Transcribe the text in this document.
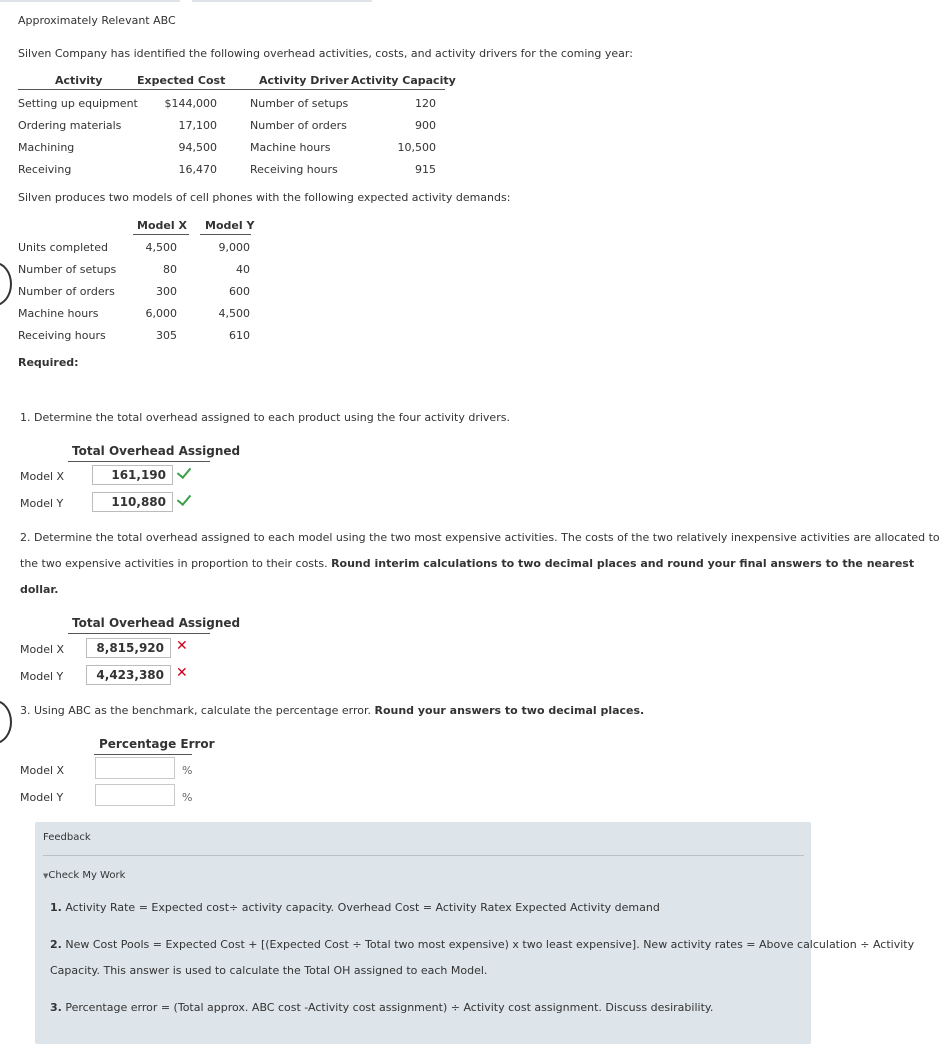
Approximately Relevant ABC
Silven Company has identified the following overhead activities, costs, and activity drivers for the coming year:
Activity	Expected Cost	Activity Driver Activity Capacity
Setting up equipment	$144,000	Number of setups	120
Ordering materials	17,100	Number of orders	900
Machining	94,500	Machine hours	10,500
Receiving	16,470	Receiving hours	915
Silven produces two models of cell phones with the following expected activity demands:
Model X Model Y
Units completed	4,500	9,000
Number of setups	80	40
Number of orders	300	600
Machine hours	6,000	4,500
Receiving hours	305	610
Required:
1. Determine the total overhead assigned to each product using the four activity drivers.
Total Overhead Assigned
Model X	161,190
Model Y	110,880
2. Determine the total overhead assigned to each model using the two most expensive activities. The costs of the two relatively inexpensive activities are allocated to
the two expensive activities in proportion to their costs. Round interim calculations to two decimal places and round your final answers to the nearest
dollar.
Total Overhead Assigned
Model X	8,815,920 ✕
Model Y	4,423,380 ✕
3. Using ABC as the benchmark, calculate the percentage error. Round your answers to two decimal places.
Percentage Error
Model X	%
Model Y	%
Feedback
▼Check My Work
1. Activity Rate = Expected cost÷ activity capacity. Overhead Cost = Activity Ratex Expected Activity demand
2. New Cost Pools = Expected Cost + [(Expected Cost ÷ Total two most expensive) x two least expensive]. New activity rates = Above calculation ÷ Activity
Capacity. This answer is used to calculate the Total OH assigned to each Model.
3. Percentage error = (Total approx. ABC cost -Activity cost assignment) ÷ Activity cost assignment. Discuss desirability.
